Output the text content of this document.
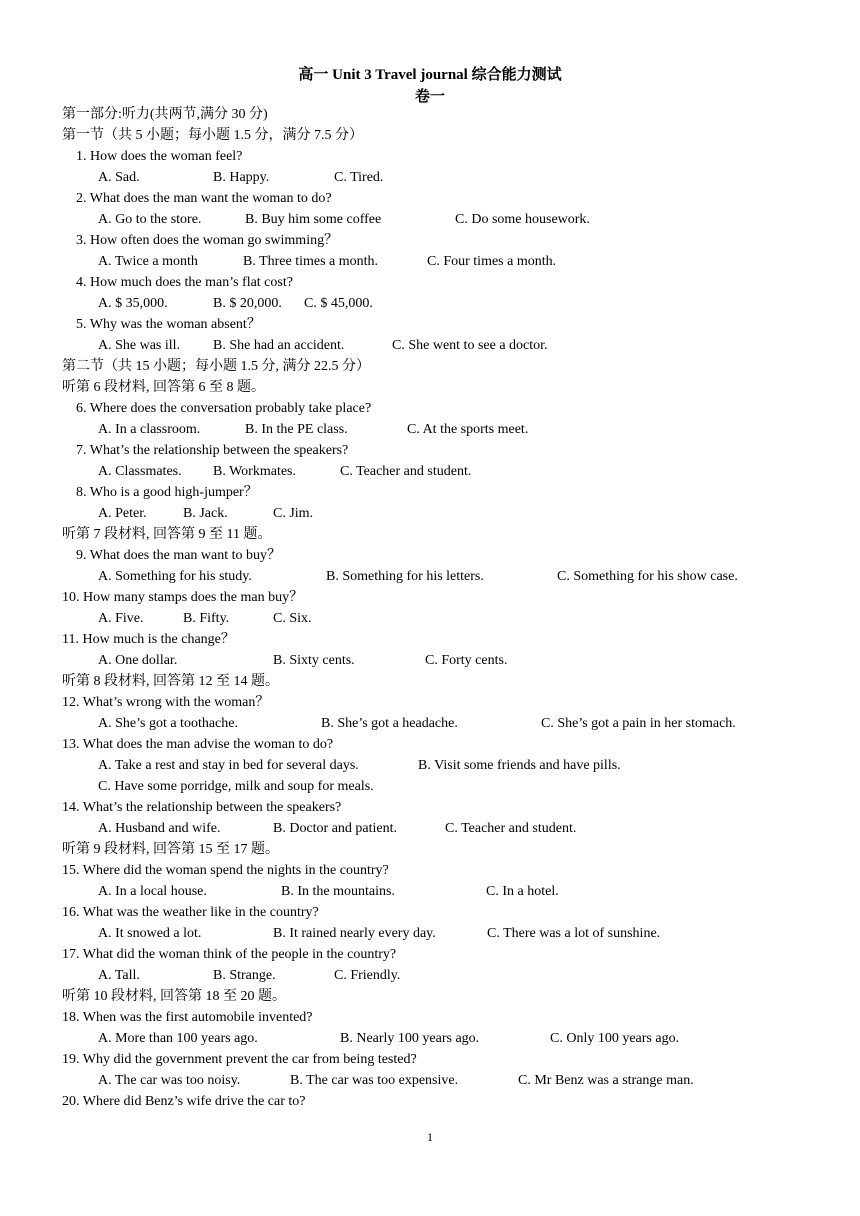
高一 Unit 3 Travel journal 综合能力测试
卷一
第一部分:听力(共两节,满分 30 分)
第一节（共 5 小题；每小题 1.5 分，满分 7.5 分）
1. How does the woman feel?
A. Sad.	B. Happy.	C. Tired.
2. What does the man want the woman to do?
A. Go to the store.	B. Buy him some coffee	C. Do some housework.
3. How often does the woman go swimming？
A. Twice a month	B. Three times a month.	C. Four times a month.
4. How much does the man’s flat cost?
A. $ 35,000.	B. $ 20,000. C. $ 45,000.
5. Why was the woman absent？
A. She was ill. B. She had an accident.	C. She went to see a doctor.
第二节（共 15 小题；每小题 1.5 分, 满分 22.5 分）
听第 6 段材料, 回答第 6 至 8 题。
6. Where does the conversation probably take place?
A. In a classroom.	B. In the PE class.	C. At the sports meet.
7. What’s the relationship between the speakers?
A. Classmates. B. Workmates.	C. Teacher and student.
8. Who is a good high-jumper？
A. Peter.	B. Jack.	C. Jim.
听第 7 段材料, 回答第 9 至 11 题。
9. What does the man want to buy？
A. Something for his study.	B. Something for his letters.	C. Something for his show case.
10. How many stamps does the man buy？
A. Five.	B. Fifty.	C. Six.
11. How much is the change？
A. One dollar.	B. Sixty cents.	C. Forty cents.
听第 8 段材料, 回答第 12 至 14 题。
12. What’s wrong with the woman？
A. She’s got a toothache.	B. She’s got a headache.	C. She’s got a pain in her stomach.
13. What does the man advise the woman to do?
A. Take a rest and stay in bed for several days.	B. Visit some friends and have pills.
C. Have some porridge, milk and soup for meals.
14. What’s the relationship between the speakers?
A. Husband and wife.	B. Doctor and patient.	C. Teacher and student.
听第 9 段材料, 回答第 15 至 17 题。
15. Where did the woman spend the nights in the country?
A. In a local house.	B. In the mountains.	C. In a hotel.
16. What was the weather like in the country?
A. It snowed a lot.	B. It rained nearly every day.	C. There was a lot of sunshine.
17. What did the woman think of the people in the country?
A. Tall.	B. Strange.	C. Friendly.
听第 10 段材料, 回答第 18 至 20 题。
18. When was the first automobile invented?
A. More than 100 years ago.	B. Nearly 100 years ago.	C. Only 100 years ago.
19. Why did the government prevent the car from being tested?
A. The car was too noisy.	B. The car was too expensive.	C. Mr Benz was a strange man.
20. Where did Benz’s wife drive the car to?
1
